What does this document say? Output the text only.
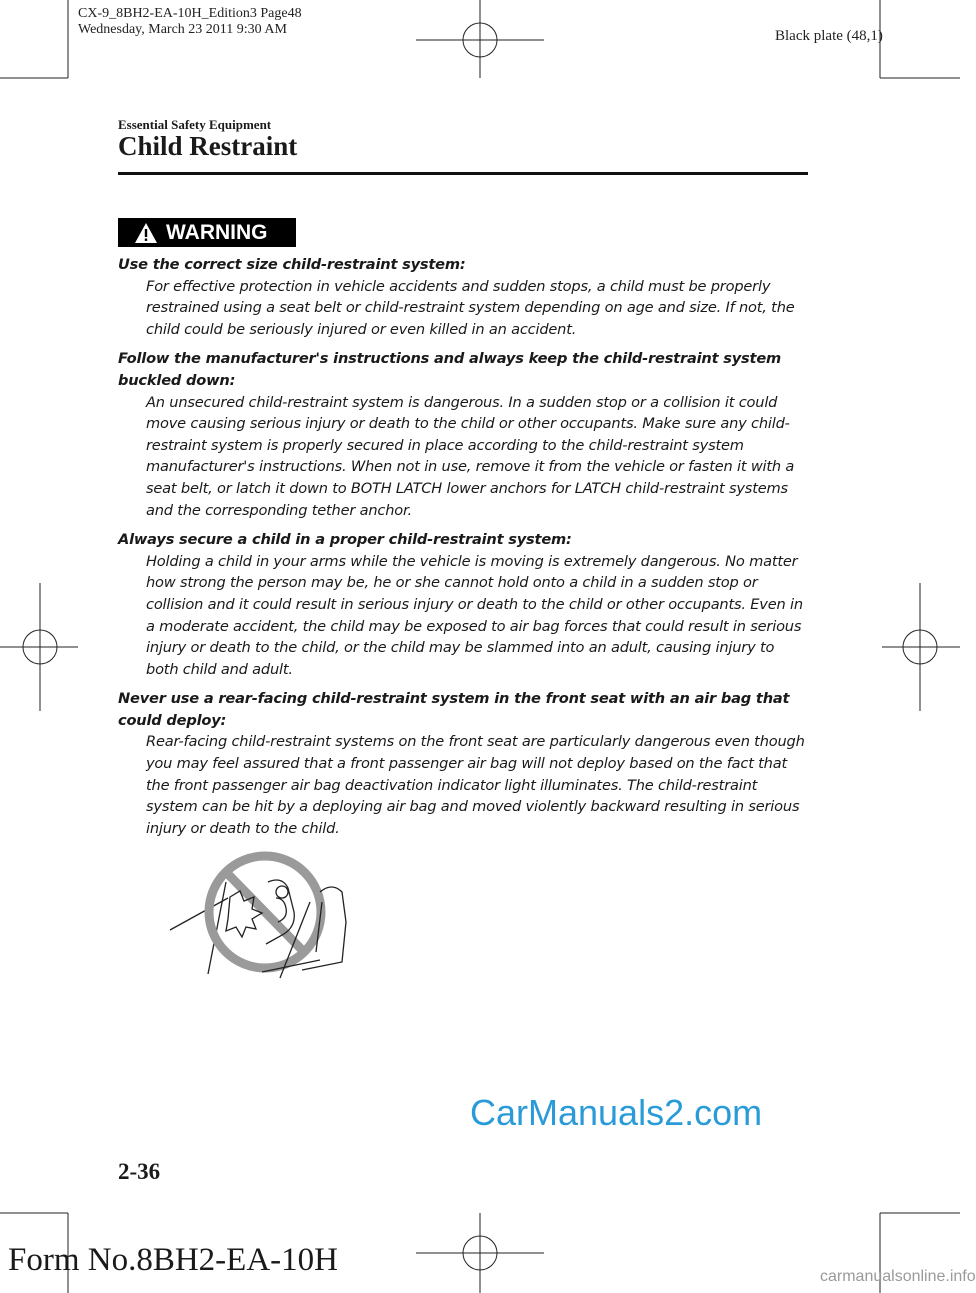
CX-9_8BH2-EA-10H_Edition3 Page48
Wednesday, March 23 2011 9:30 AM	Black plate (48,1)
Essential Safety Equipment
Child Restraint
WARNING
Use the correct size child-restraint system:
For effective protection in vehicle accidents and sudden stops, a child must be properly restrained using a seat belt or child-restraint system depending on age and size. If not, the child could be seriously injured or even killed in an accident.
Follow the manufacturer's instructions and always keep the child-restraint system buckled down:
An unsecured child-restraint system is dangerous. In a sudden stop or a collision it could move causing serious injury or death to the child or other occupants. Make sure any child-restraint system is properly secured in place according to the child-restraint system manufacturer's instructions. When not in use, remove it from the vehicle or fasten it with a seat belt, or latch it down to BOTH LATCH lower anchors for LATCH child-restraint systems and the corresponding tether anchor.
Always secure a child in a proper child-restraint system:
Holding a child in your arms while the vehicle is moving is extremely dangerous. No matter how strong the person may be, he or she cannot hold onto a child in a sudden stop or collision and it could result in serious injury or death to the child or other occupants. Even in a moderate accident, the child may be exposed to air bag forces that could result in serious injury or death to the child, or the child may be slammed into an adult, causing injury to both child and adult.
Never use a rear-facing child-restraint system in the front seat with an air bag that could deploy:
Rear-facing child-restraint systems on the front seat are particularly dangerous even though you may feel assured that a front passenger air bag will not deploy based on the fact that the front passenger air bag deactivation indicator light illuminates. The child-restraint system can be hit by a deploying air bag and moved violently backward resulting in serious injury or death to the child.
CarManuals2.com
2-36
Form No.8BH2-EA-10H	carmanualsonline.info
